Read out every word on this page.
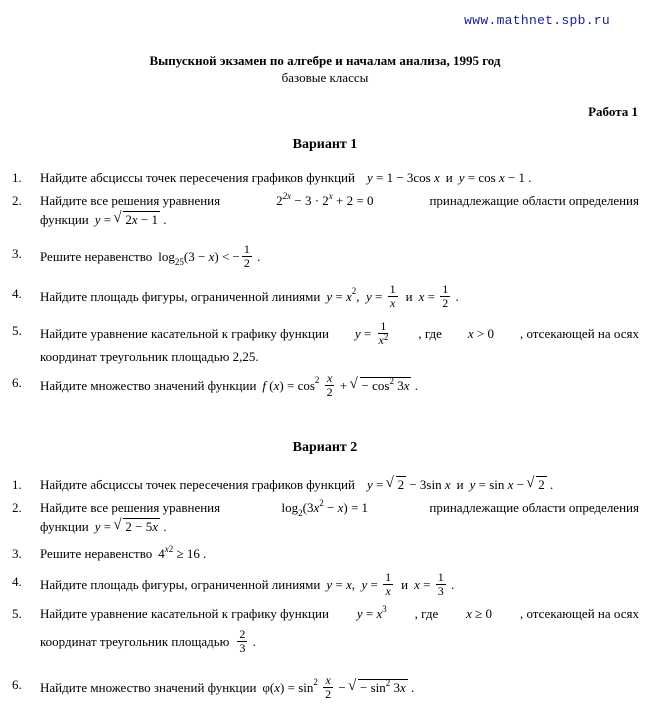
www.mathnet.spb.ru
Выпускной экзамен по алгебре и началам анализа, 1995 год
базовые классы
Работа 1
Вариант 1
1. Найдите абсциссы точек пересечения графиков функций y = 1 − 3cos x и y = cos x − 1 .
2. Найдите все решения уравнения	$2^{2x} - 3 \cdot 2^x + 2 = 0$	принадлежащие области определения
функции y = √ 2x − 1 .
3. Решите неравенство $\log_{25}(3 - x)$ < − $\frac{1}{2}$ .
4. Найдите площадь фигуры, ограниченной линиями y = x 2 , $y = \frac{1}{x}$ и $x = \frac{1}{2}$ .
5. Найдите уравнение касательной к графику функции $y = \frac{1}{x^2}$ , где x > 0 , отсекающей на осях
координат треугольник площадью 2,25.
6. Найдите множество значений функции f ( x ) = cos 2
$\frac{x}{2}$ + √ − $\cos^2 3x$ .
Вариант 2
1. Найдите абсциссы точек пересечения графиков функций y = √ 2 − 3sin x и y = sin x − √ 2 .
2. Найдите все решения уравнения	$\log_2(3x^2 - x) = 1$	принадлежащие области определения
функции y = √ 2 − 5x .
3. Решите неравенство $4^{x2} \ge 16$ .
4. Найдите площадь фигуры, ограниченной линиями y = x , $y = \frac{1}{x}$ и $x = \frac{1}{3}$ .
5. Найдите уравнение касательной к графику функции $y = x^3$ , где x ≥ 0 , отсекающей на осях
координат треугольник площадью $\frac{2}{3}$ .
6. Найдите множество значений функции φ( x ) = sin 2
$\frac{x}{2}$ − √ − $\sin^2 3x$ .
